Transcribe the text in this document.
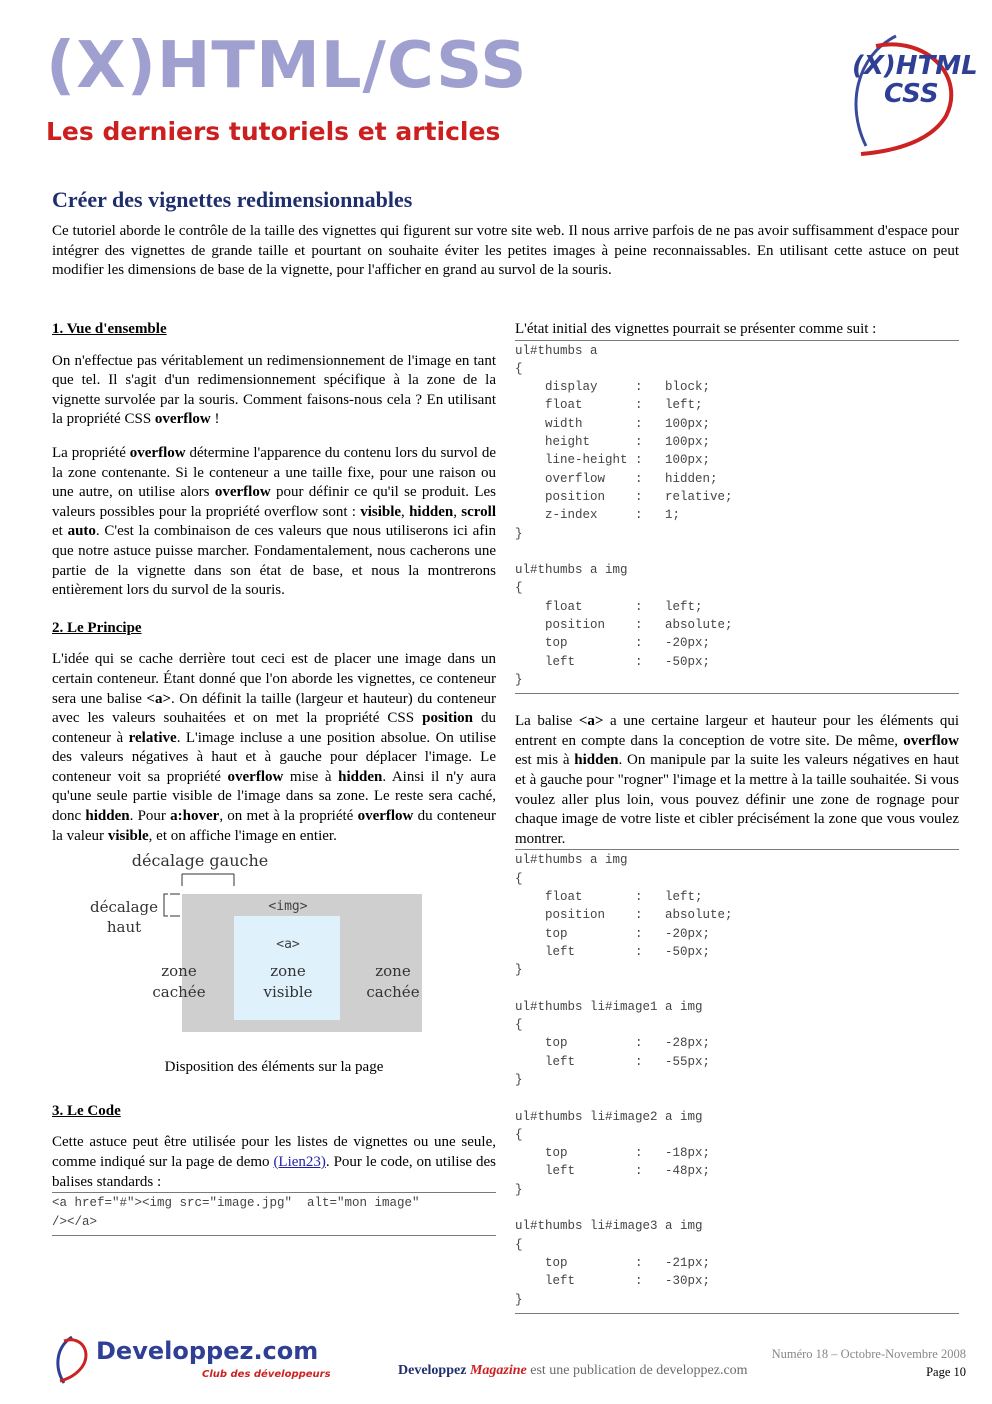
(X)HTML/CSS
Les derniers tutoriels et articles
(X)HTML
CSS
Créer des vignettes redimensionnables

Ce tutoriel aborde le contrôle de la taille des vignettes qui figurent sur votre site web. Il nous arrive parfois de ne pas avoir suffisamment d'espace pour intégrer des vignettes de grande taille et pourtant on souhaite éviter les petites images à peine reconnaissables. En utilisant cette astuce on peut modifier les dimensions de base de la vignette, pour l'afficher en grand au survol de la souris.

1. Vue d'ensemble

On n'effectue pas véritablement un redimensionnement de l'image en tant que tel. Il s'agit d'un redimensionnement spécifique à la zone de la vignette survolée par la souris. Comment faisons-nous cela ? En utilisant la propriété CSS overflow !

La propriété overflow détermine l'apparence du contenu lors du survol de la zone contenante. Si le conteneur a une taille fixe, pour une raison ou une autre, on utilise alors overflow pour définir ce qu'il se produit. Les valeurs possibles pour la propriété overflow sont : visible, hidden, scroll et auto. C'est la combinaison de ces valeurs que nous utiliserons ici afin que notre astuce puisse marcher. Fondamentalement, nous cacherons une partie de la vignette dans son état de base, et nous la montrerons entièrement lors du survol de la souris.

2. Le Principe

L'idée qui se cache derrière tout ceci est de placer une image dans un certain conteneur. Étant donné que l'on aborde les vignettes, ce conteneur sera une balise <a>. On définit la taille (largeur et hauteur) du conteneur avec les valeurs souhaitées et on met la propriété CSS position du conteneur à relative. L'image incluse a une position absolue. On utilise des valeurs négatives à haut et à gauche pour déplacer l'image. Le conteneur voit sa propriété overflow mise à hidden. Ainsi il n'y aura qu'une seule partie visible de l'image dans sa zone. Le reste sera caché, donc hidden. Pour a:hover, on met à la propriété overflow du conteneur la valeur visible, et on affiche l'image en entier.

décalage gauche
décalage
haut
<img>
<a>
zone
cachée
zone
visible
zone
cachée

Disposition des éléments sur la page

3. Le Code

Cette astuce peut être utilisée pour les listes de vignettes ou une seule, comme indiqué sur la page de demo (Lien23). Pour le code, on utilise des balises standards :

<a href="#"><img src="image.jpg"  alt="mon image"
/></a>

L'état initial des vignettes pourrait se présenter comme suit :

ul#thumbs a
{
display     :   block;
float       :   left;
width       :   100px;
height      :   100px;
line-height :   100px;
overflow    :   hidden;
position    :   relative;
z-index     :   1;
}

ul#thumbs a img
{
float       :   left;
position    :   absolute;
top         :   -20px;
left        :   -50px;
}

La balise <a> a une certaine largeur et hauteur pour les éléments qui entrent en compte dans la conception de votre site. De même, overflow est mis à hidden. On manipule par la suite les valeurs négatives en haut et à gauche pour "rogner" l'image et la mettre à la taille souhaitée. Si vous voulez aller plus loin, vous pouvez définir une zone de rognage pour chaque image de votre liste et cibler précisément la zone que vous voulez montrer.

ul#thumbs a img
{
float       :   left;
position    :   absolute;
top         :   -20px;
left        :   -50px;
}

ul#thumbs li#image1 a img
{
top         :   -28px;
left        :   -55px;
}

ul#thumbs li#image2 a img
{
top         :   -18px;
left        :   -48px;
}

ul#thumbs li#image3 a img
{
top         :   -21px;
left        :   -30px;
}
Developpez.com
Club des développeurs
Numéro 18 – Octobre-Novembre 2008
Developpez Magazine est une publication de developpez.com	Page 10
